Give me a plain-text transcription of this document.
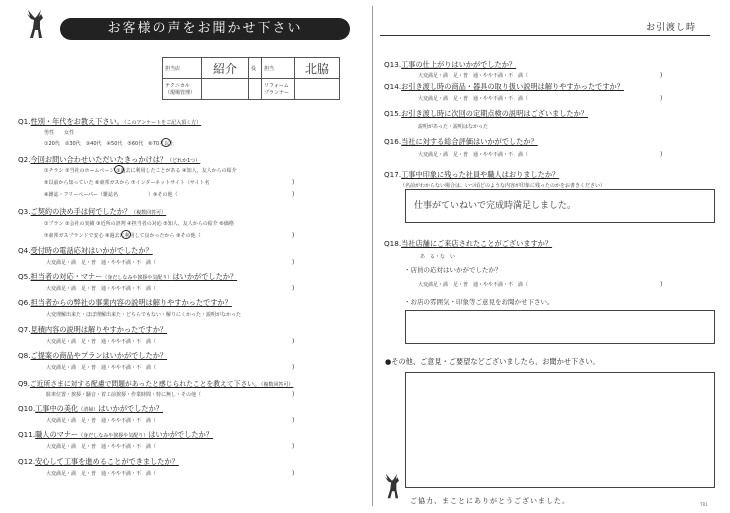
お客様の声をお聞かせ下さい	お引渡し時
担当店	紹介	役	担当	北脇
テクニカル（現場管理）			リフォーム プランナー	
Q1.性別・年代をお教え下さい。（このアンケートをご記入頂く方）
男性　　女性
①20代　②30代　③40代　④50代　⑤60代　⑥70才以上
Q2.今回お問い合わせいただいたきっかけは？（どれか1つ）
①チラシ ②当社のホームページ ③過去に利用したことがある ④知人、友人からの紹介
⑤以前から知っていた ⑥東邦ガスから ⑦インターネットサイト（サイト名
⑧雑誌・フリーペーパー（雑誌名　　　　　　）⑨その他（
)
)
Q3.ご契約の決め手は何でしたか？（複数回答可）
①プラン ②会社の実績 ③近所の評判 ④担当者の対応 ⑤知人、友人からの紹介 ⑥価格
⑦東邦ガスブランドで安心 ⑧過去に利用して良かったから ⑨その他（	)
Q4.受付時の電話応対はいかがでしたか？
大変満足・満　足・普　通・やや不満・不　満（	)
Q5.担当者の対応・マナー（身だしなみや挨拶や気配り）はいかがでしたか？
大変満足・満　足・普　通・やや不満・不　満（	)
Q6.担当者からの弊社の事業内容の説明は解りやすかったですか？
大変理解出来た・ほぼ理解出来た・どちらでもない・解りにくかった・説明がなかった
Q7.見積内容の説明は解りやすかったですか？
大変満足・満　足・普　通・やや不満・不　満（	)
Q8.ご提案の商品やプランはいかがでしたか？
大変満足・満　足・普　通・やや不満・不　満（	)
Q9.ご近所さまに対する配慮で問題があったと感じられたことを教えて下さい。（複数回答可）
駐車位置・挨拶・騒音・着工前挨拶・作業時間・特に無し・その他（	)
Q10.工事中の美化（清掃）はいかがでしたか？
大変満足・満　足・普　通・やや不満・不　満（	)
Q11.職人のマナー（身だしなみや挨拶や気配り）はいかがでしたか？
大変満足・満　足・普　通・やや不満・不　満（	)
Q12.安心して工事を進めることができましたか？
大変満足・満　足・普　通・やや不満・不　満（	)
Q13.工事の仕上がりはいかがでしたか？
大変満足・満　足・普　通・やや不満・不　満（	)
Q14.お引き渡し時の商品・器具の取り扱い説明は解りやすかったですか？
大変満足・満　足・普　通・やや不満・不　満（	)
Q15.お引き渡し時に次回の定期点検の説明はございましたか？
説明があった・説明はなかった
Q16.当社に対する総合評価はいかがでしたか？
大変満足・満　足・普　通・やや不満・不　満（	)
Q17.工事中印象に残った社員や職人はおりましたか？
（名前がわからない場合は、いつ頃どのような内容が印象に残ったのかをお書きください）
仕事がていねいで完成時満足しました。
Q18.当社店舗にご来店されたことがございますか？
あ　る・な　い
・店員の応対はいかがでしたか？
大変満足・満　足・普　通・やや不満・不　満（	)
・お店の雰囲気・印象等ご意見をお聞かせ下さい。
●その他、ご意見・ご要望などございましたら、お聞かせ下さい。
ご協力、まことにありがとうございました。	TR1
